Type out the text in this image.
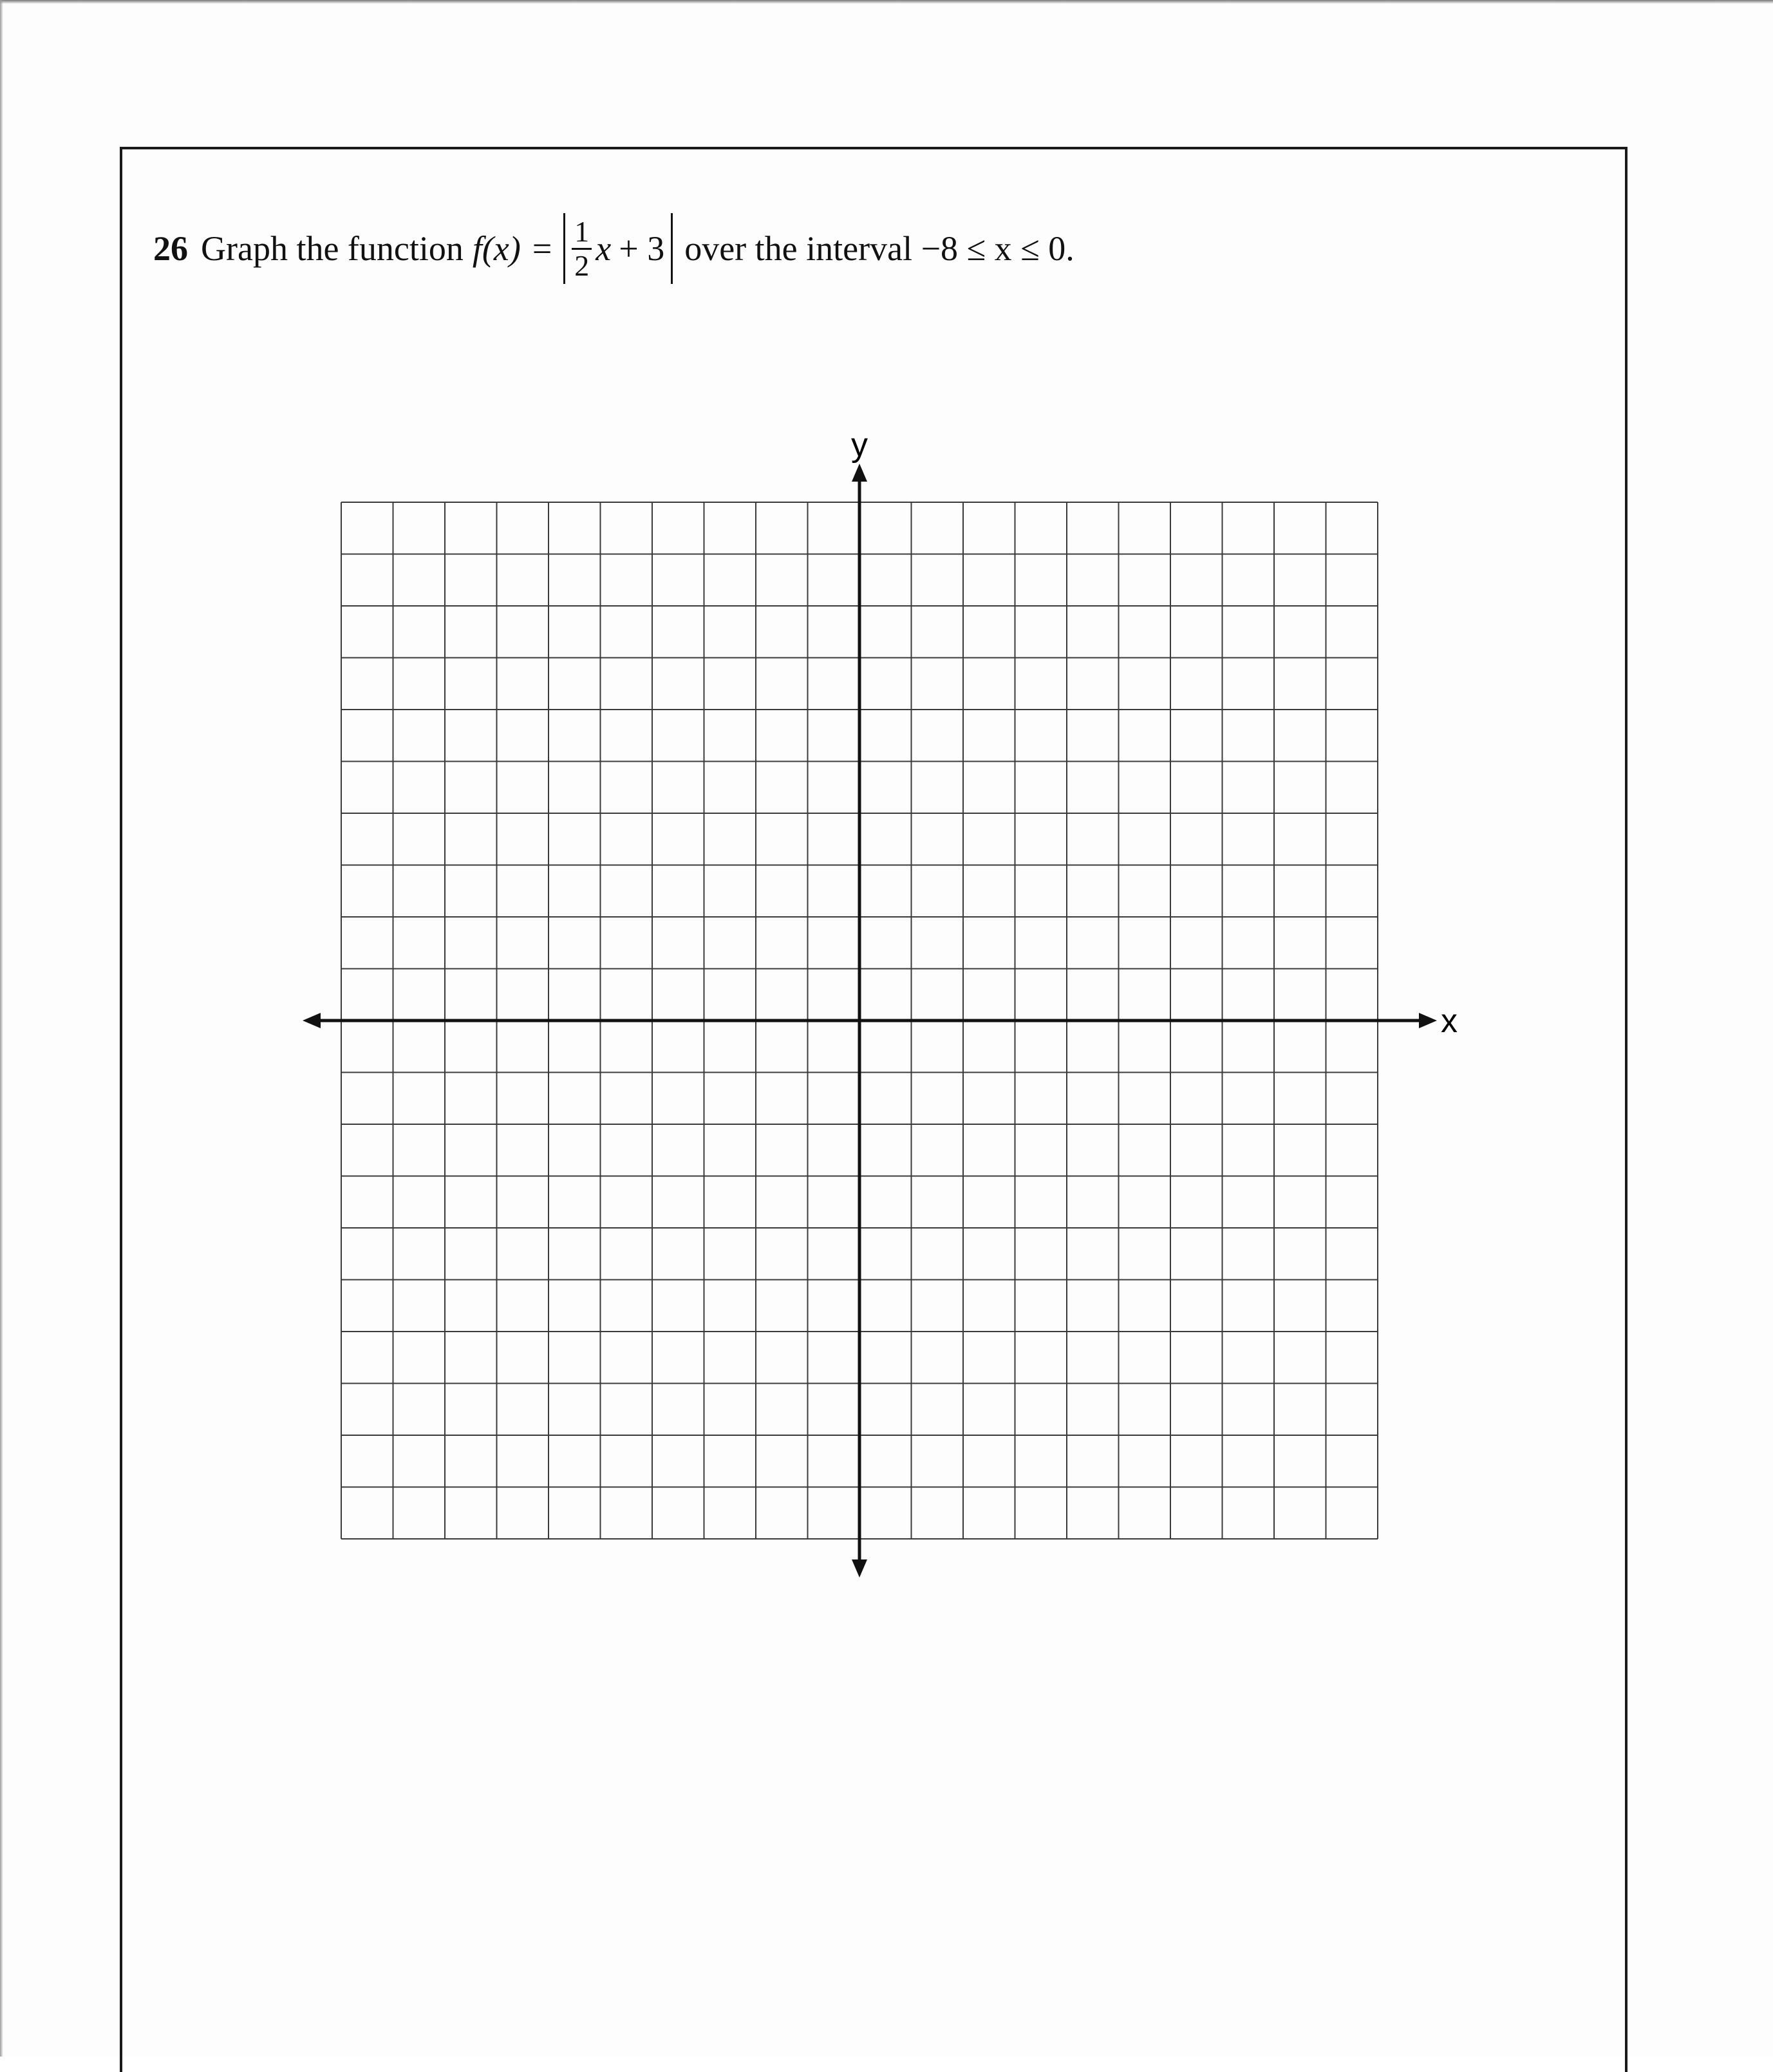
26 Graph the function $f(x) = \frac{1}{2}$ x + 3 over the interval −8 ≤ x ≤ 0.
y
x
